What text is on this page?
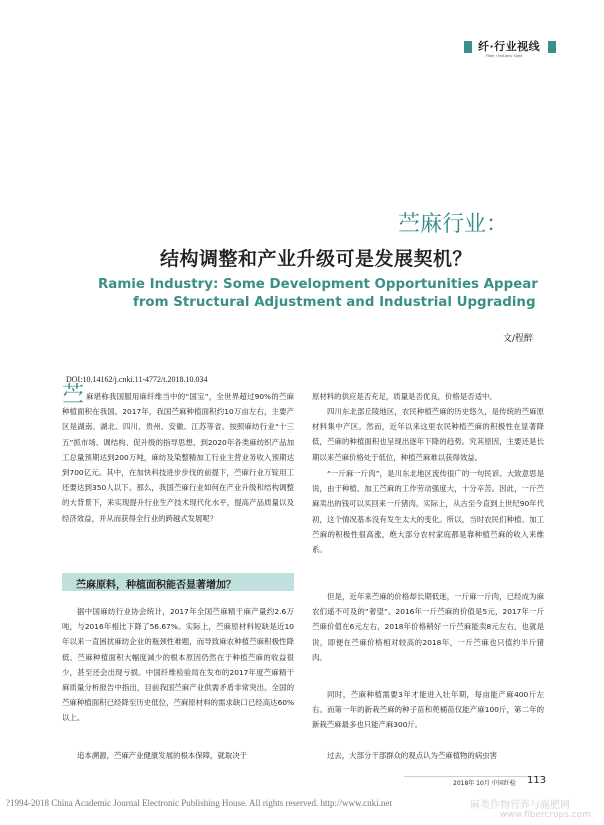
纤·行业视线
Fiber / Industry Sight
苎麻行业：
结构调整和产业升级可是发展契机？
Ramie Industry: Some Development Opportunities Appear
from Structural Adjustment and Industrial Upgrading
文/程醉
DOI:10.14162/j.cnki.11-4772/t.2018.10.034
苎 麻堪称我国服用麻纤维当中的“国宝”，全世界超过90%的苎麻种植面积在我国。2017年，我国苎麻种植面积约10万亩左右，主要产区是湖南、湖北、四川、贵州、安徽、江苏等省。按照麻纺行业“十三五”抓市场、调结构、促升级的指导思想，到2020年各类麻纺织产品加工总量预期达到200万吨，麻纺及染整精加工行业主营业务收入预期达到700亿元。其中，在加快科技进步步伐的前提下，苎麻行业万锭用工还要达到350人以下。那么，我国苎麻行业如何在产业升级和结构调整的大背景下，来实现提升行业生产技术现代化水平，提高产品质量以及经济效益，并从而获得全行业的跨越式发展呢？
苎麻原料，种植面积能否显著增加？
据中国麻纺行业协会统计，2017年全国苎麻精干麻产量约2.6万吨，与2016年相比下降了56.67%。实际上，苎麻原材料短缺是近10年以来一直困扰麻纺企业的瓶颈性难题，而导致麻农种植苎麻积极性降低、苎麻种植面积大幅度减少的根本原因仍然在于种植苎麻的收益很少，甚至还会出现亏损。中国纤维检验局在发布的2017年度苎麻精干麻质量分析报告中指出，目前我国苎麻产业供需矛盾非常突出。全国的苎麻种植面积已经降至历史低位，苎麻原材料的需求缺口已经高达60%以上。
追本溯源，苎麻产业健康发展的根本保障，就取决于
原材料的供应是否充足，质量是否优良，价格是否适中。
四川东北部丘陵地区，农民种植苎麻的历史悠久，是传统的苎麻原材料集中产区。然而，近年以来这里农民种植苎麻的积极性在显著降低，苎麻的种植面积也呈现出逐年下降的趋势。究其原因，主要还是长期以来苎麻价格处于低位，种植苎麻难以获得效益。
“一斤麻一斤肉”，是川东北地区流传很广的一句民谚。大致意思是说，由于种植、加工苎麻的工作劳动强度大，十分辛苦。因此，一斤苎麻卖出的钱可以买回来一斤猪肉。实际上，从古至今直到上世纪90年代初，这个情况基本没有发生太大的变化。所以，当时农民们种植、加工苎麻的积极性很高涨，绝大部分农村家庭都是靠种植苎麻的收入来维系。
但是，近年来苎麻的价格却长期低迷，一斤麻一斤肉，已经成为麻农们遥不可及的“奢望”。2016年一斤苎麻的价值是5元，2017年一斤苎麻价值在6元左右，2018年价格稍好一斤苎麻能卖8元左右，也就是说，即便在苎麻价格相对较高的2018年，一斤苎麻也只值约半斤猪肉。
同时，苎麻种植需要3年才能进入壮年期，每亩能产麻400斤左右。而第一年的新栽苎麻的种子苗和蔸桶苗仅能产麻100斤，第二年的新栽苎麻最多也只能产麻300斤。
过去，大部分干部群众的观点认为苎麻植物的病虫害
2018年 10月 中国纤检 113
?1994-2018 China Academic Journal Electronic Publishing House. All rights reserved. http://www.cnki.net	麻类作物营养与施肥网
www.fibercrops.com
